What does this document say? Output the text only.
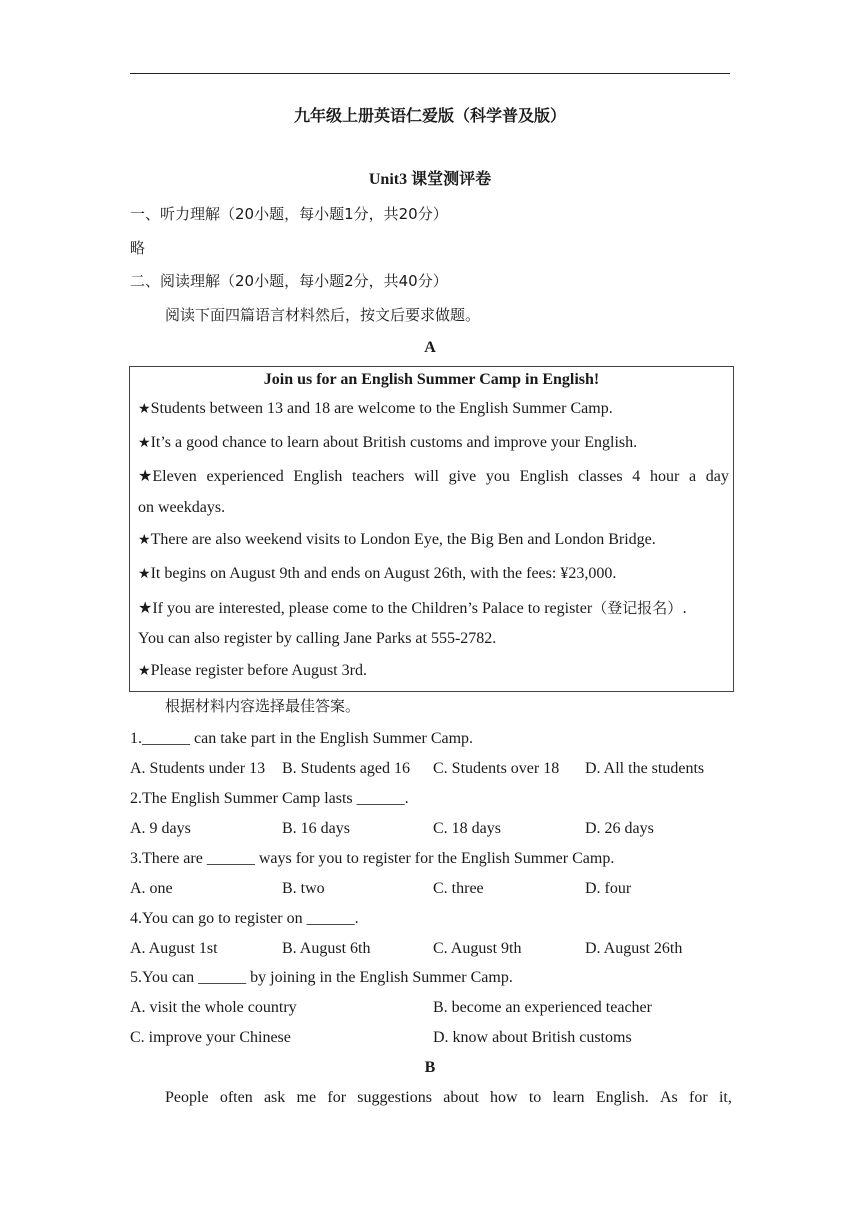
九年级上册英语仁爱版（科学普及版）
Unit3 课堂测评卷
一、听力理解（20小题，每小题1分，共20分）
略
二、阅读理解（20小题，每小题2分，共40分）
阅读下面四篇语言材料然后，按文后要求做题。
A
Join us for an English Summer Camp in English!
★Students between 13 and 18 are welcome to the English Summer Camp.
★It’s a good chance to learn about British customs and improve your English.
★Eleven experienced English teachers will give you English classes 4 hour a day
on weekdays.
★There are also weekend visits to London Eye, the Big Ben and London Bridge.
★It begins on August 9th and ends on August 26th, with the fees: ¥23,000.
★If you are interested, please come to the Children’s Palace to register（登记报名）.
You can also register by calling Jane Parks at 555-2782.
★Please register before August 3rd.
根据材料内容选择最佳答案。
1.______ can take part in the English Summer Camp.
A. Students under 13 B. Students aged 16 C. Students over 18 D. All the students
2.The English Summer Camp lasts ______.
A. 9 days	B. 16 days	C. 18 days	D. 26 days
3.There are ______ ways for you to register for the English Summer Camp.
A. one	B. two	C. three	D. four
4.You can go to register on ______.
A. August 1st	B. August 6th	C. August 9th	D. August 26th
5.You can ______ by joining in the English Summer Camp.
A. visit the whole country	B. become an experienced teacher
C. improve your Chinese	D. know about British customs
B
People often ask me for suggestions about how to learn English. As for it,
